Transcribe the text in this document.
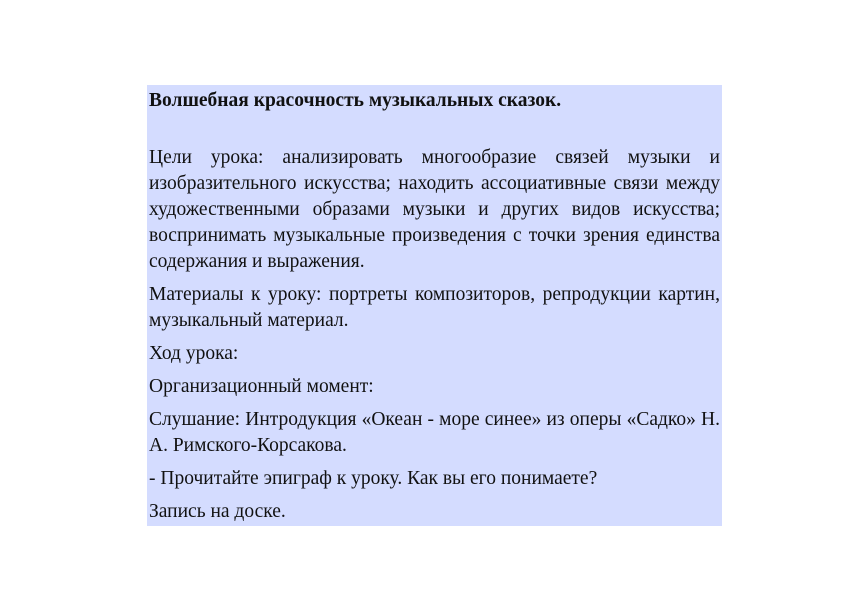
Волшебная красочность музыкальных сказок.

Цели урока: анализировать многообразие связей музыки и изобразительного искусства; находить ассоциативные связи между художественными образами музыки и других видов искусства; воспринимать музыкальные произведения с точки зрения единства содержания и выражения.

Материалы к уроку: портреты композиторов, репродукции картин, музыкальный материал.

Ход урока:

Организационный момент:

Слушание: Интродукция «Океан - море синее» из оперы «Садко» Н. А. Римского-Корсакова.

- Прочитайте эпиграф к уроку. Как вы его понимаете?

Запись на доске.
